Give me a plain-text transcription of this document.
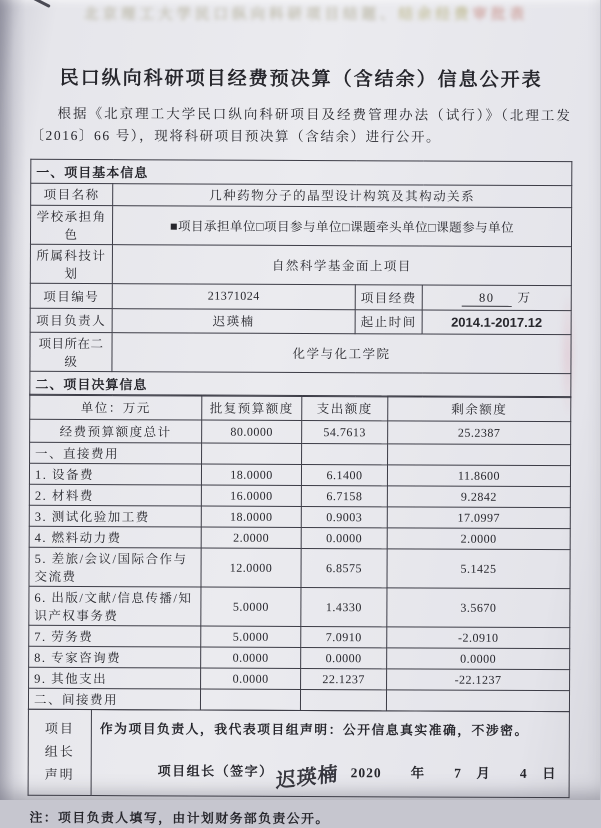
北京理工大学民口纵向科研项目结题、结余经费审批表
民口纵向科研项目经费预决算（含结余）信息公开表

根据《北京理工大学民口纵向科研项目及经费管理办法（试行）》（北理工发〔2016〕66 号），现将科研项目预决算（含结余）进行公开。

一、项目基本信息			
项目名称	几种药物分子的晶型设计构筑及其构动关系		
学校承担角色	■项目承担单位□项目参与单位□课题牵头单位□课题参与单位		
所属科技计划	自然科学基金面上项目		
项目编号	21371024	项目经费	80 万
项目负责人	迟瑛楠	起止时间	2014.1-2017.12
项目所在二级	化学与化工学院		
二、项目决算信息			
单位：万元	批复预算额度	支出额度	剩余额度
经费预算额度总计	80.0000	54.7613	25.2387
一、直接费用			
1. 设备费	18.0000	6.1400	11.8600
2. 材料费	16.0000	6.7158	9.2842
3. 测试化验加工费	18.0000	0.9003	17.0997
4. 燃料动力费	2.0000	0.0000	2.0000
5. 差旅/会议/国际合作与交流费	12.0000	6.8575	5.1425
6. 出版/文献/信息传播/知识产权事务费	5.0000	1.4330	3.5670
7. 劳务费	5.0000	7.0910	-2.0910
8. 专家咨询费	0.0000	0.0000	0.0000
9. 其他支出	0.0000	22.1237	-22.1237
二、间接费用			
项目
组长
声明

作为项目负责人，我代表项目组声明：公开信息真实准确，不涉密。
项目组长（签字） 迟瑛楠 2020　　年　　7　月　　4　日

注：项目负责人填写，由计划财务部负责公开。
